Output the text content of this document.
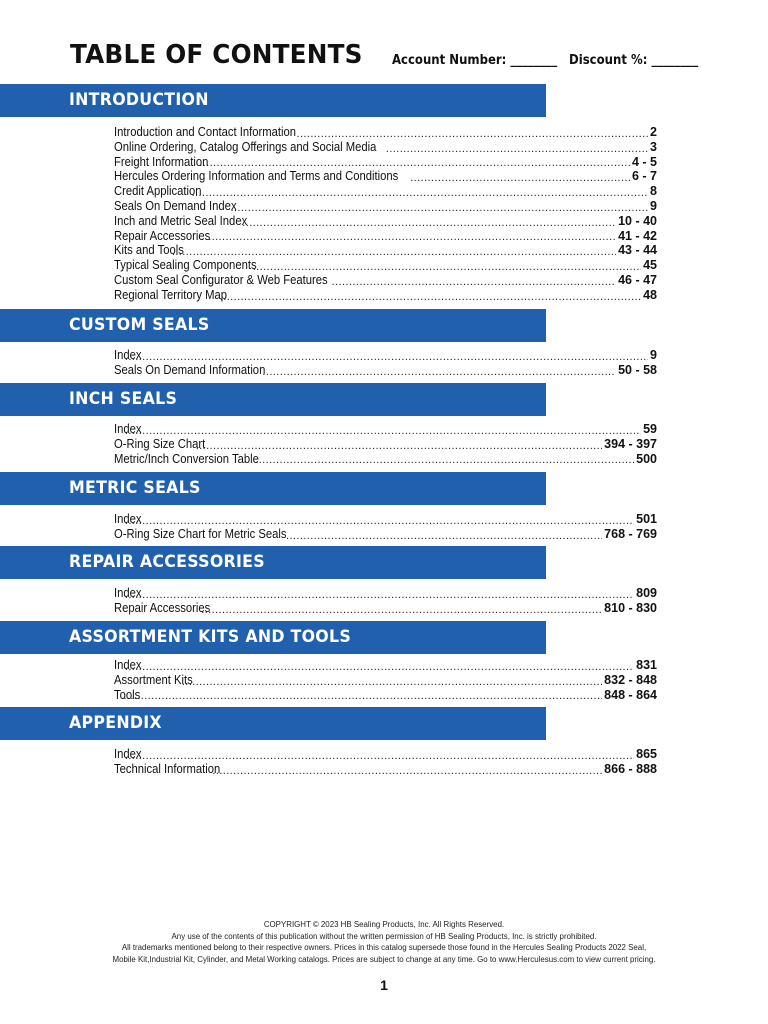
TABLE OF CONTENTS Account Number: ________ Discount %: ________
INTRODUCTION
Introduction and Contact Information .....	2
Online Ordering, Catalog Offerings and Social Media .....	3
Freight Information .....	4 - 5
Hercules Ordering Information and Terms and Conditions .....	6 - 7
Credit Application .....	8
Seals On Demand Index .....	9
Inch and Metric Seal Index .....	10 - 40
Repair Accessories .....	41 - 42
Kits and Tools .....	43 - 44
Typical Sealing Components .....	45
Custom Seal Configurator & Web Features .....	46 - 47
Regional Territory Map .....	48
CUSTOM SEALS
Index .....	9
Seals On Demand Information .....	50 - 58
INCH SEALS
Index .....	59
O-Ring Size Chart .....	394 - 397
Metric/Inch Conversion Table .....	500
METRIC SEALS
Index .....	501
O-Ring Size Chart for Metric Seals .....	768 - 769
REPAIR ACCESSORIES
Index .....	809
Repair Accessories .....	810 - 830
ASSORTMENT KITS AND TOOLS
Index .....	831
Assortment Kits .....	832 - 848
Tools .....	848 - 864
APPENDIX
Index .....	865
Technical Information .....	866 - 888
COPYRIGHT © 2023 HB Sealing Products, Inc. All Rights Reserved.
Any use of the contents of this publication without the written permission of HB Sealing Products, Inc. is strictly prohibited.
All trademarks mentioned belong to their respective owners. Prices in this catalog supersede those found in the Hercules Sealing Products 2022 Seal,
Mobile Kit,Industrial Kit, Cylinder, and Metal Working catalogs. Prices are subject to change at any time. Go to www.Herculesus.com to view current pricing.
1
